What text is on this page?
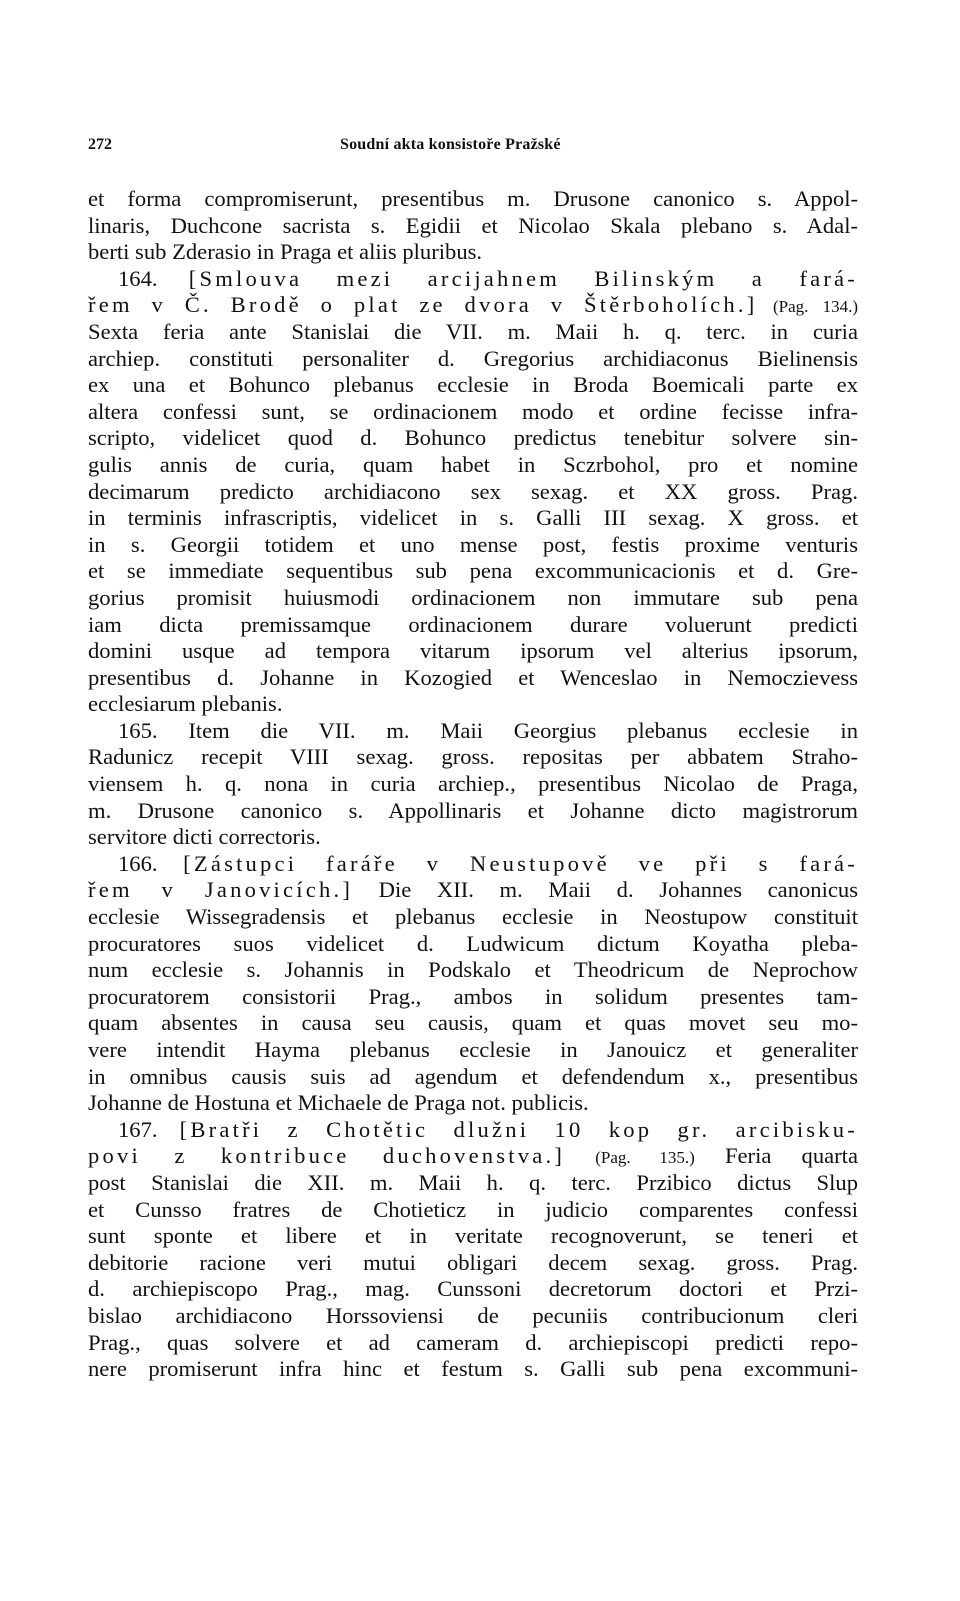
272	Soudní akta konsistoře Pražské
et forma compromiserunt, presentibus m. Drusone canonico s. Appol-
linaris, Duchcone sacrista s. Egidii et Nicolao Skala plebano s. Adal-
berti sub Zderasio in Praga et aliis pluribus.
164. [Smlouva mezi arcijahnem Bilinským a fará-
řem v Č. Brodě o plat ze dvora v Štěrboholích.] (Pag. 134.)
Sexta feria ante Stanislai die VII. m. Maii h. q. terc. in curia
archiep. constituti personaliter d. Gregorius archidiaconus Bielinensis
ex una et Bohunco plebanus ecclesie in Broda Boemicali parte ex
altera confessi sunt, se ordinacionem modo et ordine fecisse infra-
scripto, videlicet quod d. Bohunco predictus tenebitur solvere sin-
gulis annis de curia, quam habet in Sczrbohol, pro et nomine
decimarum predicto archidiacono sex sexag. et XX gross. Prag.
in terminis infrascriptis, videlicet in s. Galli III sexag. X gross. et
in s. Georgii totidem et uno mense post, festis proxime venturis
et se immediate sequentibus sub pena excommunicacionis et d. Gre-
gorius promisit huiusmodi ordinacionem non immutare sub pena
iam dicta premissamque ordinacionem durare voluerunt predicti
domini usque ad tempora vitarum ipsorum vel alterius ipsorum,
presentibus d. Johanne in Kozogied et Wenceslao in Nemoczievess
ecclesiarum plebanis.
165. Item die VII. m. Maii Georgius plebanus ecclesie in
Radunicz recepit VIII sexag. gross. repositas per abbatem Straho-
viensem h. q. nona in curia archiep., presentibus Nicolao de Praga,
m. Drusone canonico s. Appollinaris et Johanne dicto magistrorum
servitore dicti correctoris.
166. [Zástupci faráře v Neustupově ve při s fará-
řem v Janovicích.] Die XII. m. Maii d. Johannes canonicus
ecclesie Wissegradensis et plebanus ecclesie in Neostupow constituit
procuratores suos videlicet d. Ludwicum dictum Koyatha pleba-
num ecclesie s. Johannis in Podskalo et Theodricum de Neprochow
procuratorem consistorii Prag., ambos in solidum presentes tam-
quam absentes in causa seu causis, quam et quas movet seu mo-
vere intendit Hayma plebanus ecclesie in Janouicz et generaliter
in omnibus causis suis ad agendum et defendendum x., presentibus
Johanne de Hostuna et Michaele de Praga not. publicis.
167. [Bratři z Chotětic dlužni 10 kop gr. arcibisku-
povi z kontribuce duchovenstva.] (Pag. 135.) Feria quarta
post Stanislai die XII. m. Maii h. q. terc. Przibico dictus Slup
et Cunsso fratres de Chotieticz in judicio comparentes confessi
sunt sponte et libere et in veritate recognoverunt, se teneri et
debitorie racione veri mutui obligari decem sexag. gross. Prag.
d. archiepiscopo Prag., mag. Cunssoni decretorum doctori et Przi-
bislao archidiacono Horssoviensi de pecuniis contribucionum cleri
Prag., quas solvere et ad cameram d. archiepiscopi predicti repo-
nere promiserunt infra hinc et festum s. Galli sub pena excommuni-
